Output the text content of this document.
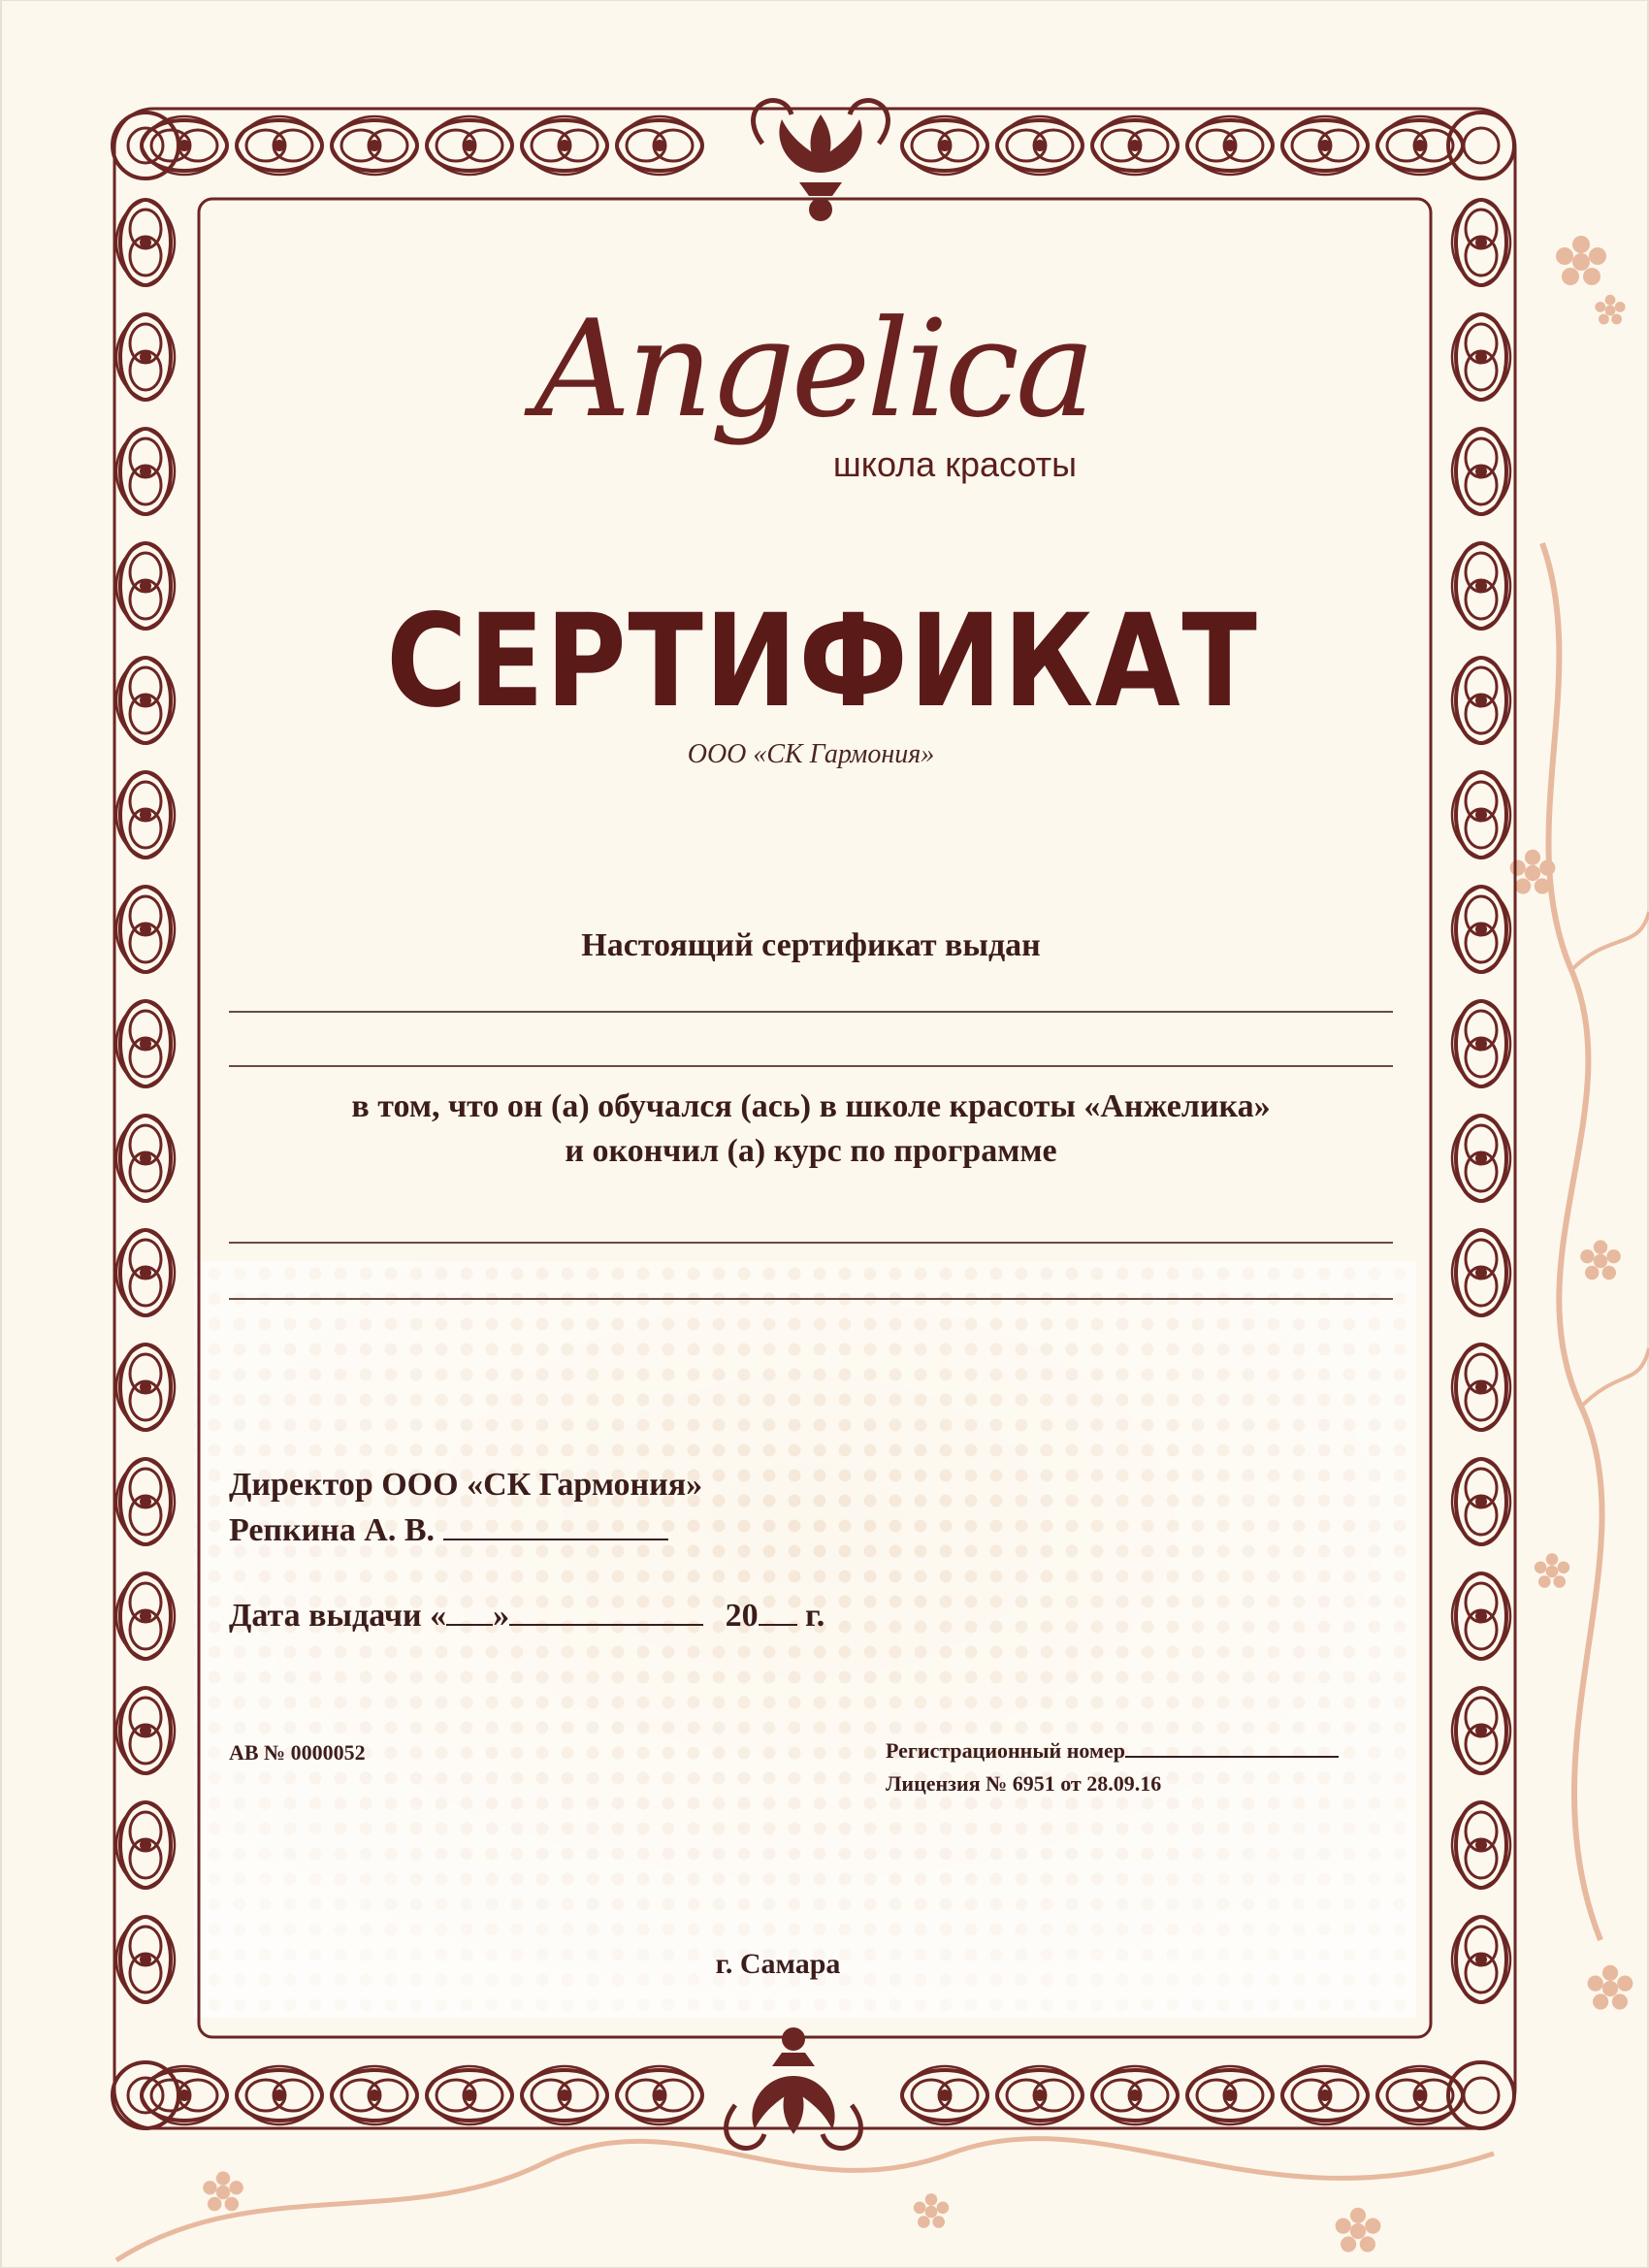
Angelica
школа красоты
СЕРТИФИКАТ
ООО «СК Гармония»
Настоящий сертификат выдан
в том, что он (а) обучался (ась) в школе красоты «Анжелика»
и окончил (а) курс по программе
Директор ООО «СК Гармония»
Репкина А. В.
Дата выдачи « »	20 г.
АВ № 0000052	Регистрационный номер
Лицензия № 6951 от 28.09.16
г. Самара
